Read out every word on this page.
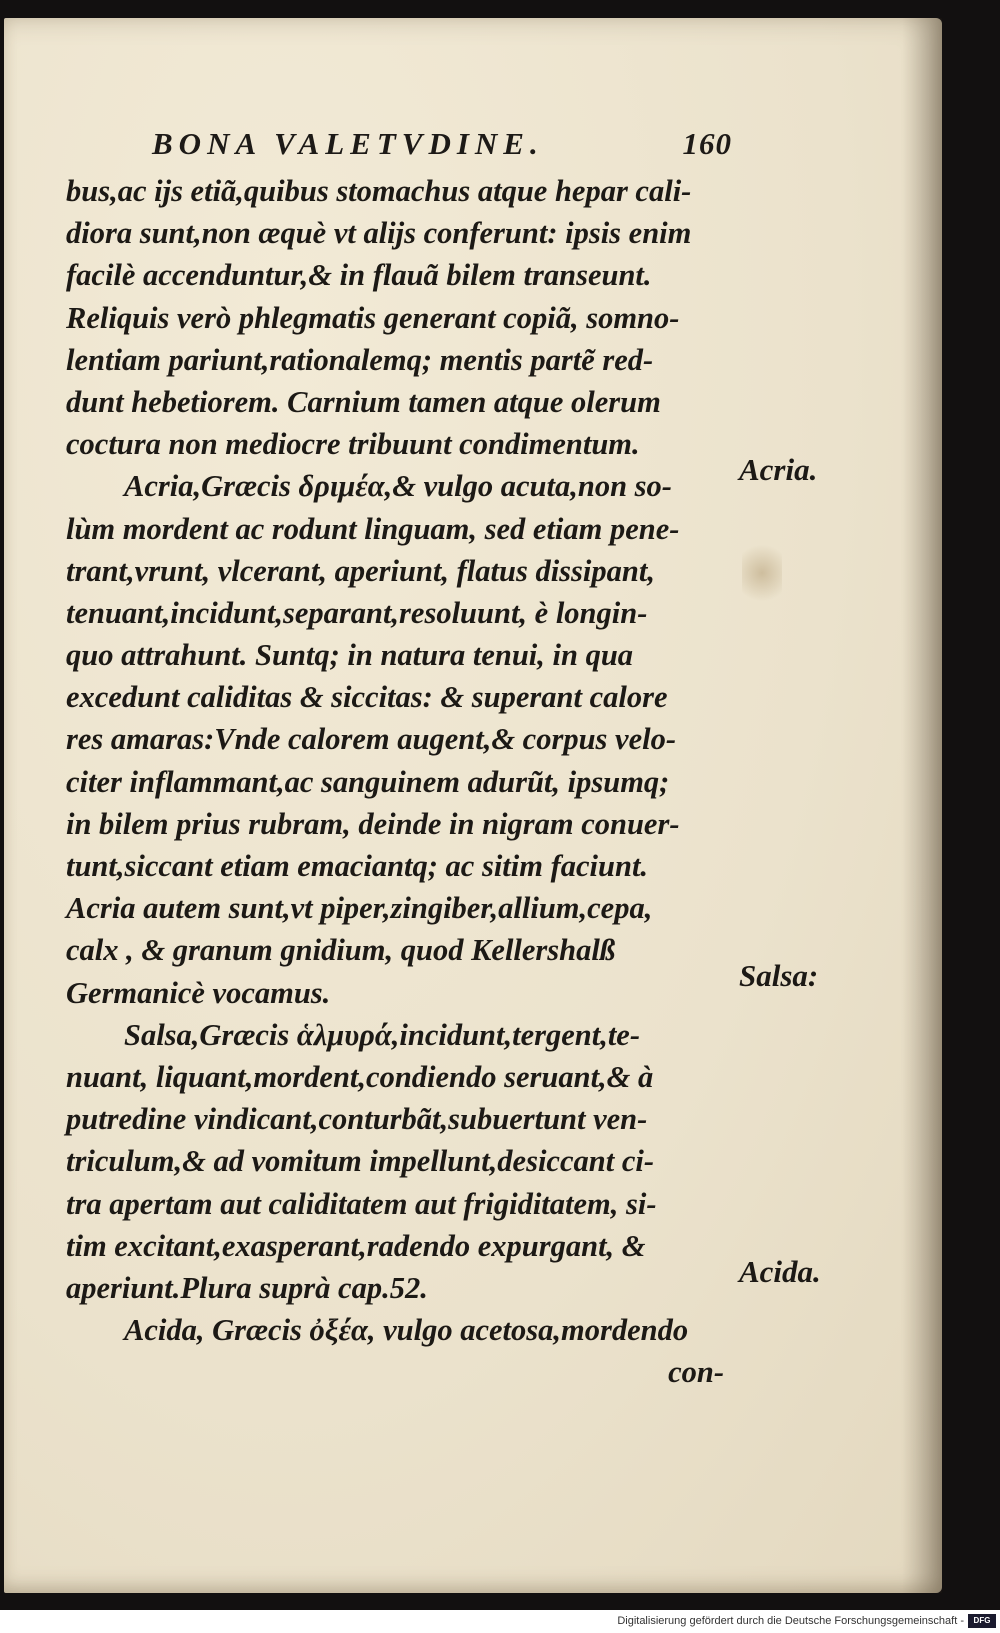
BONA VALETVDINE.	160
bus,ac ijs etiã,quibus stomachus atque hepar cali-
diora sunt,non æquè vt aliјs conferunt: ipsis enim
facilè accenduntur,& in flauã bilem transeunt.
Reliquis verò phlegmatis generant copiã, somno-
lentiam pariunt,rationalemq; mentis partẽ red-
dunt hebetiorem. Carnium tamen atque olerum
coctura non mediocre tribuunt condimentum.
Acria,Græcis δριμέα,& vulgo acuta,non so-
lùm mordent ac rodunt linguam, sed etiam pene-
trant,vrunt, vlcerant, aperiunt, flatus dissipant,
tenuant,incidunt,separant,resoluunt, è longin-
quo attrahunt. Suntq; in natura tenui, in qua
excedunt caliditas & siccitas: & superant calore
res amaras:Vnde calorem augent,& corpus velo-
citer inflammant,ac sanguinem adurũt, ipsumq;
in bilem prius rubram, deinde in nigram conuer-
tunt,siccant etiam emaciantq; ac sitim faciunt.
Acria autem sunt,vt piper,zingiber,allium,cepa,
calx , & granum gnidium, quod Kellershalß
Germanicè vocamus.
Salsa,Græcis ἁλμυρά,incidunt,tergent,te-
nuant, liquant,mordent,condiendo seruant,& à
putredine vindicant,conturbãt,subuertunt ven-
triculum,& ad vomitum impellunt,desiccant ci-
tra apertam aut caliditatem aut frigiditatem, si-
tim excitant,exasperant,radendo expurgant, &
aperiunt.Plura suprà cap.52.
Acida, Græcis ὀξέα, vulgo acetosa,mordendo
con-
Acria.
Salsa:
Acida.
Digitalisierung gefördert durch die Deutsche Forschungsgemeinschaft -	DFG
